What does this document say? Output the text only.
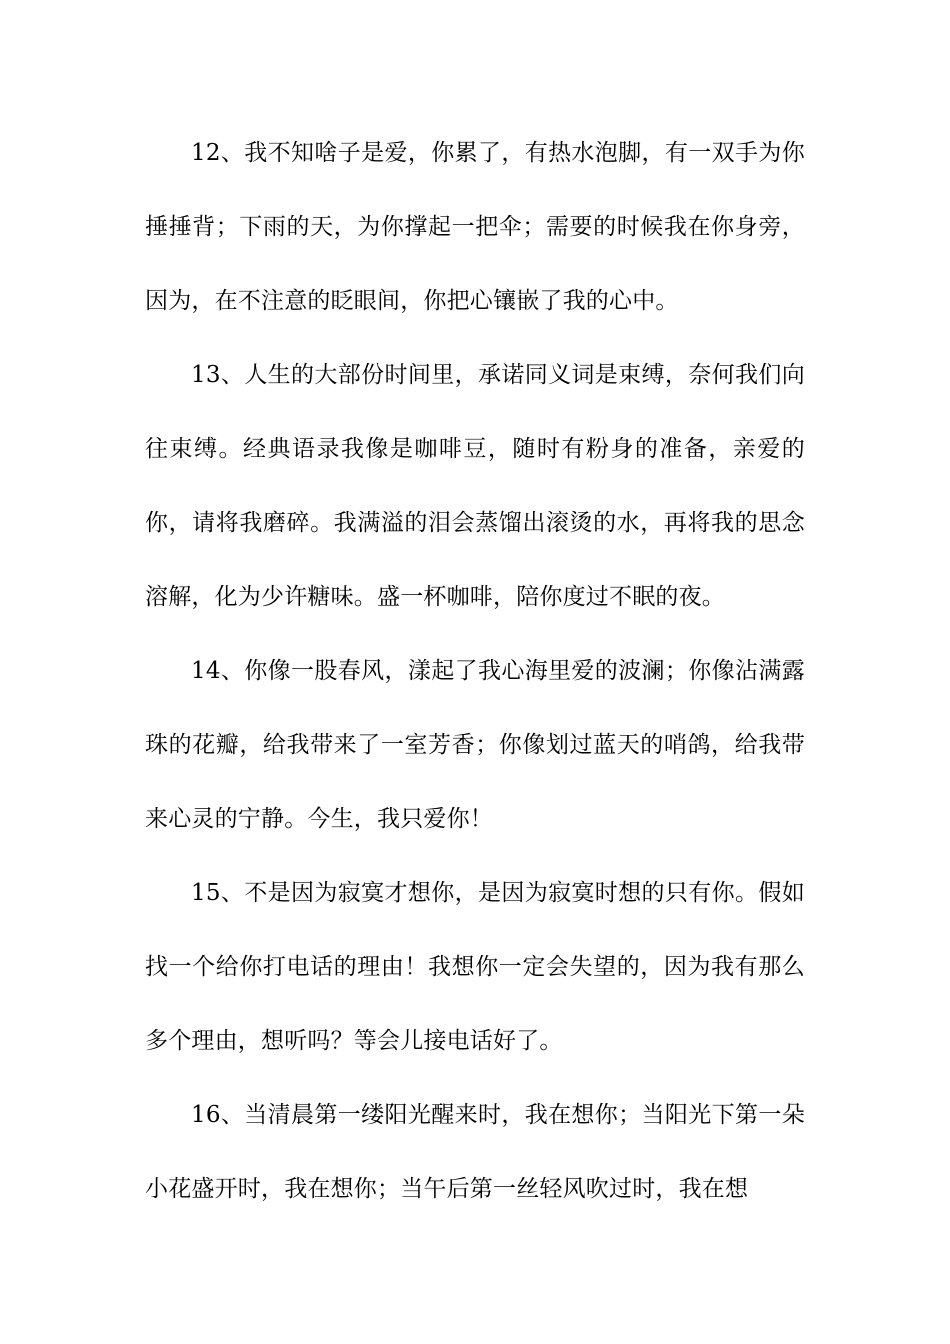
12、我不知啥子是爱，你累了，有热水泡脚，有一双手为你捶捶背；下雨的天，为你撑起一把伞；需要的时候我在你身旁，因为，在不注意的眨眼间，你把心镶嵌了我的心中。

13、人生的大部份时间里，承诺同义词是束缚，奈何我们向往束缚。经典语录我像是咖啡豆，随时有粉身的准备，亲爱的你，请将我磨碎。我满溢的泪会蒸馏出滚烫的水，再将我的思念溶解，化为少许糖味。盛一杯咖啡，陪你度过不眠的夜。

14、你像一股春风，漾起了我心海里爱的波澜；你像沾满露珠的花瓣，给我带来了一室芳香；你像划过蓝天的哨鸽，给我带来心灵的宁静。今生，我只爱你！

15、不是因为寂寞才想你，是因为寂寞时想的只有你。假如找一个给你打电话的理由！我想你一定会失望的，因为我有那么多个理由，想听吗？等会儿接电话好了。

16、当清晨第一缕阳光醒来时，我在想你；当阳光下第一朵小花盛开时，我在想你；当午后第一丝轻风吹过时，我在想
